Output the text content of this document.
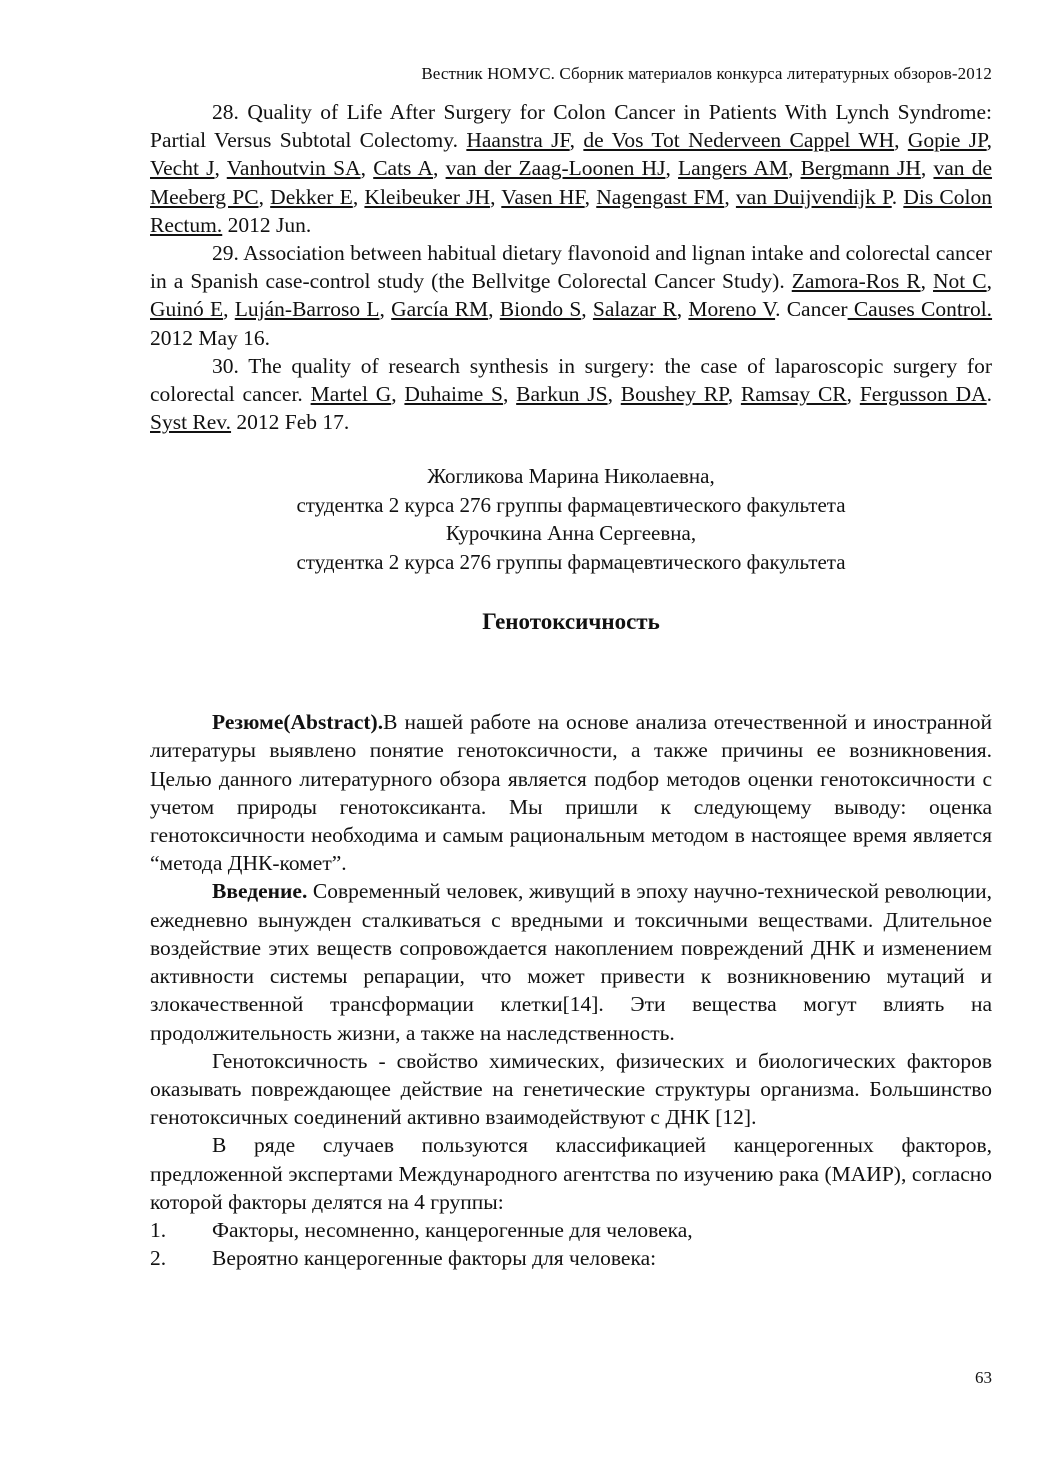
Вестник НОМУС. Сборник материалов конкурса литературных обзоров-2012

28. Quality of Life After Surgery for Colon Cancer in Patients With Lynch Syndrome: Partial Versus Subtotal Colectomy. Haanstra JF, de Vos Tot Nederveen Cappel WH, Gopie JP, Vecht J, Vanhoutvin SA, Cats A, van der Zaag-Loonen HJ, Langers AM, Bergmann JH, van de Meeberg PC, Dekker E, Kleibeuker JH, Vasen HF, Nagengast FM, van Duijvendijk P. Dis Colon Rectum. 2012 Jun.

29. Association between habitual dietary flavonoid and lignan intake and colorectal cancer in a Spanish case-control study (the Bellvitge Colorectal Cancer Study). Zamora-Ros R, Not C, Guinó E, Luján-Barroso L, García RM, Biondo S, Salazar R, Moreno V. Cancer Causes Control. 2012 May 16.

30. The quality of research synthesis in surgery: the case of laparoscopic surgery for colorectal cancer. Martel G, Duhaime S, Barkun JS, Boushey RP, Ramsay CR, Fergusson DA. Syst Rev. 2012 Feb 17.

Жогликова Марина Николаевна,
студентка 2 курса 276 группы фармацевтического факультета
Курочкина Анна Сергеевна,
студентка 2 курса 276 группы фармацевтического факультета
Генотоксичность

Резюме(Abstract).В нашей работе на основе анализа отечественной и иностранной литературы выявлено понятие генотоксичности, а также причины ее возникновения. Целью данного литературного обзора является подбор методов оценки генотоксичности с учетом природы генотоксиканта. Мы пришли к следующему выводу: оценка генотоксичности необходима и самым рациональным методом в настоящее время является “метода ДНК-комет”.

Введение. Современный человек, живущий в эпоху научно-технической революции, ежедневно вынужден сталкиваться с вредными и токсичными веществами. Длительное воздействие этих веществ сопровождается накоплением повреждений ДНК и изменением активности системы репарации, что может привести к возникновению мутаций и злокачественной трансформации клетки[14]. Эти вещества могут влиять на продолжительность жизни, а также на наследственность.

Генотоксичность - свойство химических, физических и биологических факторов оказывать повреждающее действие на генетические структуры организма. Большинство генотоксичных соединений активно взаимодействуют с ДНК [12].

В ряде случаев пользуются классификацией канцерогенных факторов, предложенной экспертами Международного агентства по изучению рака (МАИР), согласно которой факторы делятся на 4 группы:

1.	Факторы, несомненно, канцерогенные для человека,
2.	Вероятно канцерогенные факторы для человека:
63
